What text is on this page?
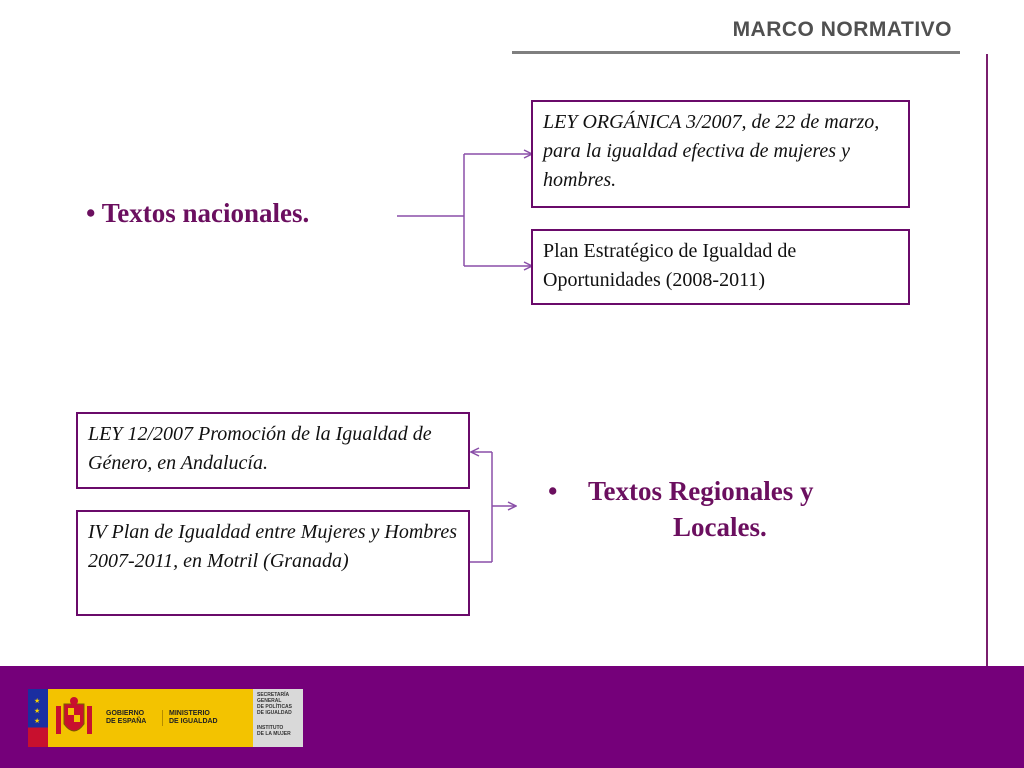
MARCO NORMATIVO
• Textos nacionales.
LEY ORGÁNICA 3/2007, de 22 de marzo, para la igualdad efectiva de mujeres y hombres.
Plan Estratégico de Igualdad de Oportunidades (2008-2011)
LEY 12/2007 Promoción de la Igualdad de Género, en Andalucía.
IV Plan de Igualdad entre Mujeres y Hombres 2007-2011, en Motril (Granada)
• Textos Regionales y
Locales.
★
★
★
GOBIERNO
DE ESPAÑA
MINISTERIO
DE IGUALDAD
SECRETARÍA
GENERAL
DE POLÍTICAS
DE IGUALDAD
INSTITUTO
DE LA MUJER
